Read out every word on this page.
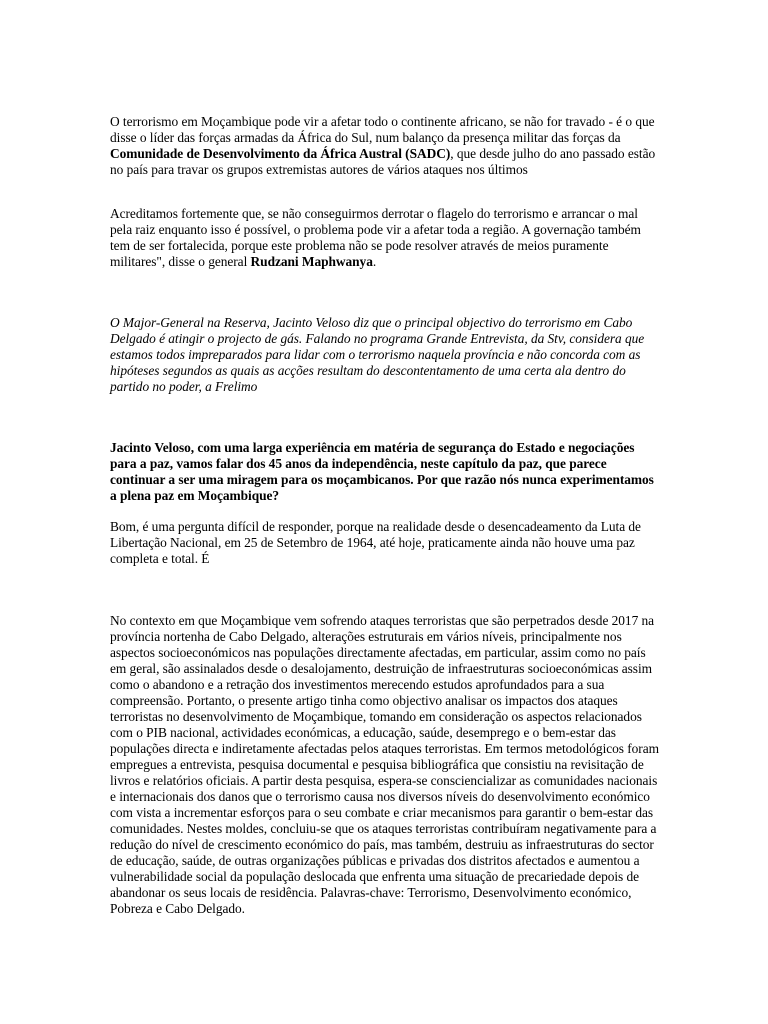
O terrorismo em Moçambique pode vir a afetar todo o continente africano, se não for travado - é o que disse o líder das forças armadas da África do Sul, num balanço da presença militar das forças da Comunidade de Desenvolvimento da África Austral (SADC), que desde julho do ano passado estão no país para travar os grupos extremistas autores de vários ataques nos últimos

Acreditamos fortemente que, se não conseguirmos derrotar o flagelo do terrorismo e arrancar o mal pela raiz enquanto isso é possível, o problema pode vir a afetar toda a região. A governação também tem de ser fortalecida, porque este problema não se pode resolver através de meios puramente militares", disse o general Rudzani Maphwanya.

O Major-General na Reserva, Jacinto Veloso diz que o principal objectivo do terrorismo em Cabo Delgado é atingir o projecto de gás. Falando no programa Grande Entrevista, da Stv, considera que estamos todos impreparados para lidar com o terrorismo naquela província e não concorda com as hipóteses segundos as quais as acções resultam do descontentamento de uma certa ala dentro do partido no poder, a Frelimo

Jacinto Veloso, com uma larga experiência em matéria de segurança do Estado e negociações para a paz, vamos falar dos 45 anos da independência, neste capítulo da paz, que parece continuar a ser uma miragem para os moçambicanos. Por que razão nós nunca experimentamos a plena paz em Moçambique?

Bom, é uma pergunta difícil de responder, porque na realidade desde o desencadeamento da Luta de Libertação Nacional, em 25 de Setembro de 1964, até hoje, praticamente ainda não houve uma paz completa e total. É

No contexto em que Moçambique vem sofrendo ataques terroristas que são perpetrados desde 2017 na província nortenha de Cabo Delgado, alterações estruturais em vários níveis, principalmente nos aspectos socioeconómicos nas populações directamente afectadas, em particular, assim como no país em geral, são assinalados desde o desalojamento, destruição de infraestruturas socioeconómicas assim como o abandono e a retração dos investimentos merecendo estudos aprofundados para a sua compreensão. Portanto, o presente artigo tinha como objectivo analisar os impactos dos ataques terroristas no desenvolvimento de Moçambique, tomando em consideração os aspectos relacionados com o PIB nacional, actividades económicas, a educação, saúde, desemprego e o bem-estar das populações directa e indiretamente afectadas pelos ataques terroristas. Em termos metodológicos foram empregues a entrevista, pesquisa documental e pesquisa bibliográfica que consistiu na revisitação de livros e relatórios oficiais. A partir desta pesquisa, espera-se consciencializar as comunidades nacionais e internacionais dos danos que o terrorismo causa nos diversos níveis do desenvolvimento económico com vista a incrementar esforços para o seu combate e criar mecanismos para garantir o bem-estar das comunidades. Nestes moldes, concluiu-se que os ataques terroristas contribuíram negativamente para a redução do nível de crescimento económico do país, mas também, destruiu as infraestruturas do sector de educação, saúde, de outras organizações públicas e privadas dos distritos afectados e aumentou a vulnerabilidade social da população deslocada que enfrenta uma situação de precariedade depois de abandonar os seus locais de residência. Palavras-chave: Terrorismo, Desenvolvimento económico, Pobreza e Cabo Delgado.
